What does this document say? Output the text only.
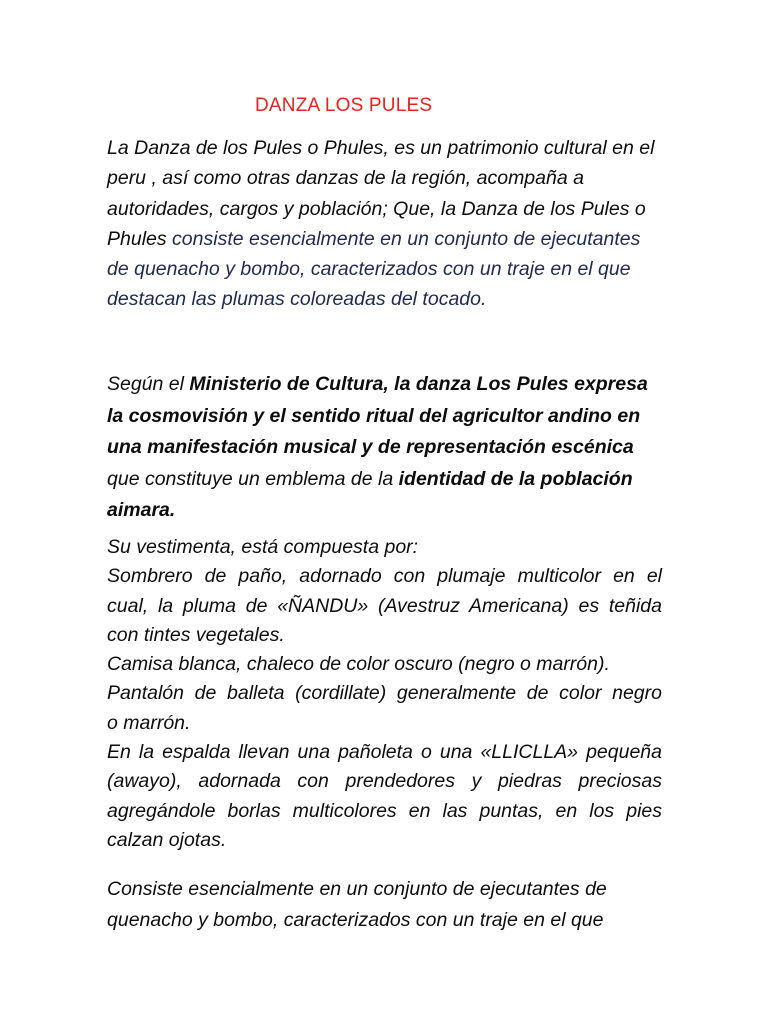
DANZA LOS PULES
La Danza de los Pules o Phules, es un patrimonio cultural en el peru , así como otras danzas de la región, acompaña a autoridades, cargos y población; Que, la Danza de los Pules o Phules consiste esencialmente en un conjunto de ejecutantes de quenacho y bombo, caracterizados con un traje en el que destacan las plumas coloreadas del tocado.
Según el Ministerio de Cultura, la danza Los Pules expresa la cosmovisión y el sentido ritual del agricultor andino en una manifestación musical y de representación escénica que constituye un emblema de la identidad de la población aimara.
Su vestimenta, está compuesta por:
Sombrero de paño, adornado con plumaje multicolor en el
cual, la pluma de «ÑANDU» (Avestruz Americana) es teñida
con tintes vegetales.
Camisa blanca, chaleco de color oscuro (negro o marrón).
Pantalón de balleta (cordillate) generalmente de color negro
o marrón.
En la espalda llevan una pañoleta o una «LLICLLA» pequeña
(awayo), adornada con prendedores y piedras preciosas
agregándole borlas multicolores en las puntas, en los pies
calzan ojotas.
Consiste esencialmente en un conjunto de ejecutantes de quenacho y bombo, caracterizados con un traje en el que
